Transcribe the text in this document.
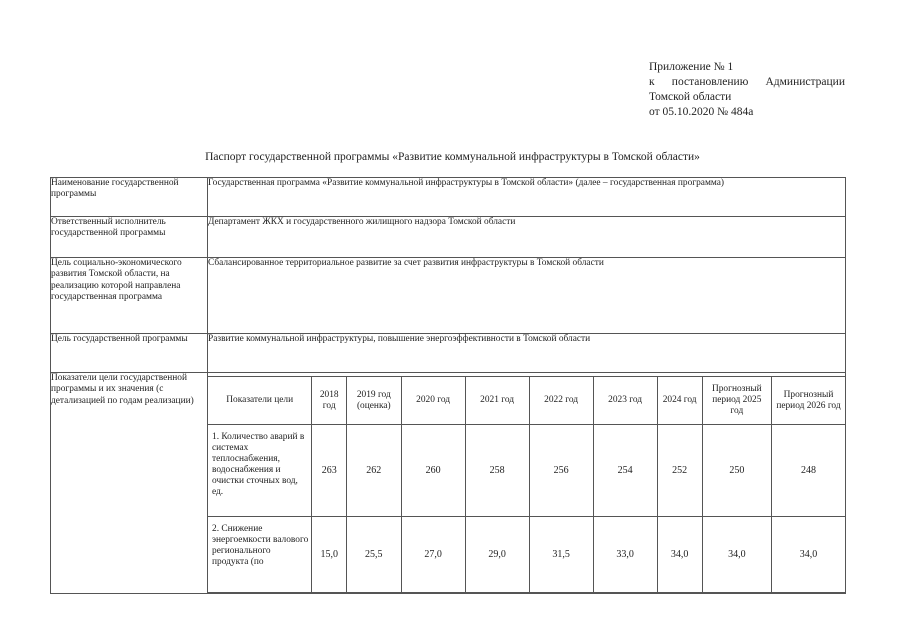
Приложение № 1
к постановлению Администрации
Томской области
от 05.10.2020 № 484а
Паспорт государственной программы «Развитие коммунальной инфраструктуры в Томской области»
Наименование государственной программы	Государственная программа «Развитие коммунальной инфраструктуры в Томской области» (далее – государственная программа)
Ответственный исполнитель государственной программы	Департамент ЖКХ и государственного жилищного надзора Томской области
Цель социально-экономического развития Томской области, на реализацию которой направлена государственная программа	Сбалансированное территориальное развитие за счет развития инфраструктуры в Томской области
Цель государственной программы	Развитие коммунальной инфраструктуры, повышение энергоэффективности в Томской области
Показатели цели государственной программы и их значения (с детализацией по годам реализации)		Показатели цели	2018 год	2019 год (оценка)	2020 год	2021 год	2022 год	2023 год	2024 год	Прогнозный период 2025 год	Прогнозный период 2026 год
1. Количество аварий в системах теплоснабжения, водоснабжения и очистки сточных вод, ед.	263	262	260	258	256	254	252	250	248
2. Снижение энергоемкости валового регионального продукта (по	15,0	25,5	27,0	29,0	31,5	33,0	34,0	34,0	34,0
